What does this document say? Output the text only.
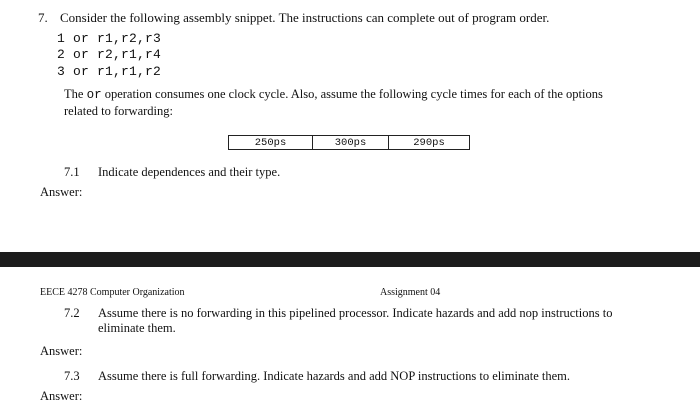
7. Consider the following assembly snippet. The instructions can complete out of program order.
1 or r1,r2,r3
2 or r2,r1,r4
3 or r1,r1,r2
The or operation consumes one clock cycle. Also, assume the following cycle times for each of the options
related to forwarding:
250ps	300ps	290ps
7.1 Indicate dependences and their type.
Answer:
EECE 4278 Computer Organization	Assignment 04
7.2 Assume there is no forwarding in this pipelined processor. Indicate hazards and add nop instructions to
eliminate them.
Answer:
7.3 Assume there is full forwarding. Indicate hazards and add NOP instructions to eliminate them.
Answer:
